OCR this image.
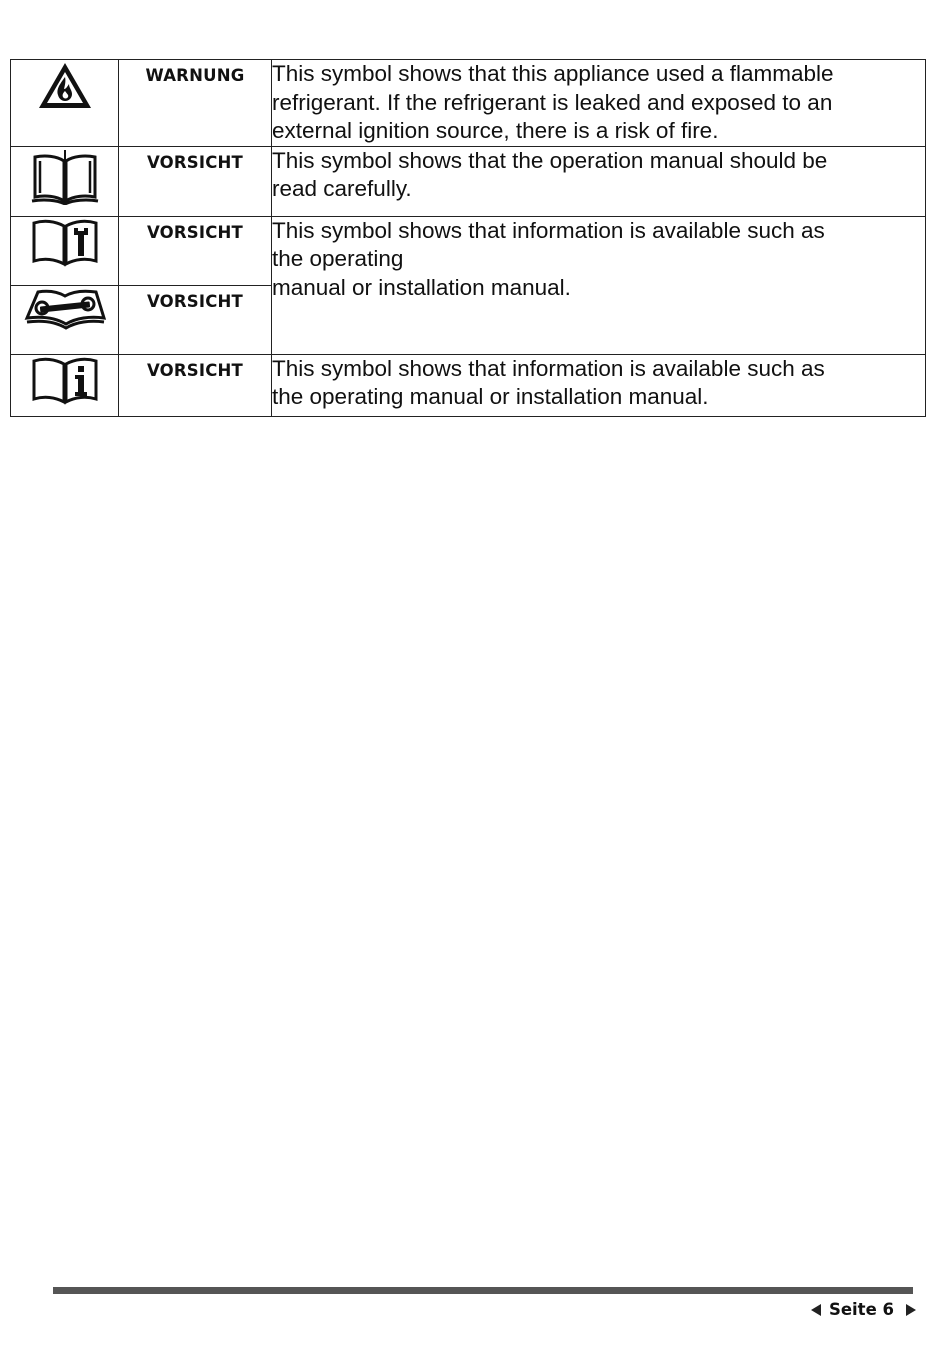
WARNUNG	This symbol shows that this appliance used a flammable
refrigerant. If the refrigerant is leaked and exposed to an
external ignition source, there is a risk of fire.

VORSICHT	This symbol shows that the operation manual should be
read carefully.

VORSICHT	This symbol shows that information is available such as
the operating
manual or installation manual.

VORSICHT	

VORSICHT	This symbol shows that information is available such as
the operating manual or installation manual.
Seite 6
